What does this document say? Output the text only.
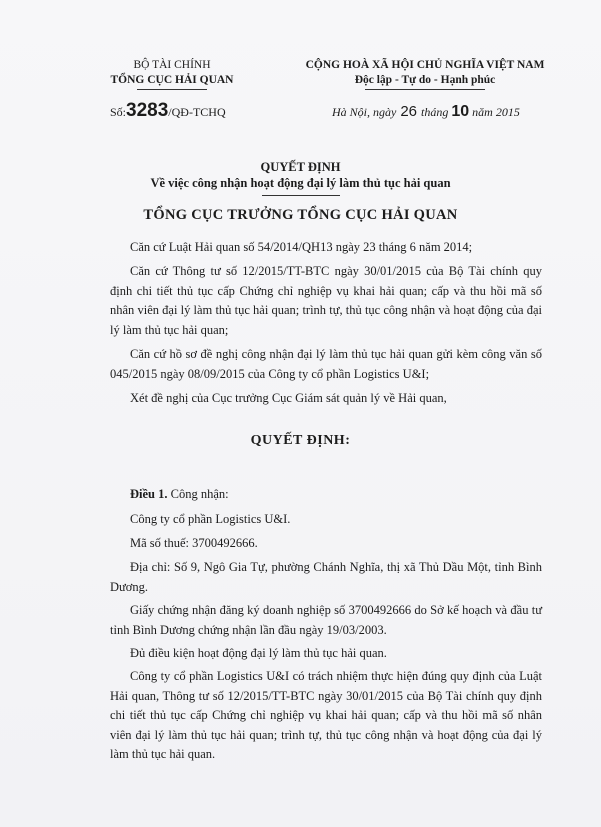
BỘ TÀI CHÍNH
TỔNG CỤC HẢI QUAN
CỘNG HOÀ XÃ HỘI CHỦ NGHĨA VIỆT NAM
Độc lập - Tự do - Hạnh phúc
Số:3283/QĐ-TCHQ	Hà Nội, ngày 26 tháng 10 năm 2015
QUYẾT ĐỊNH
Về việc công nhận hoạt động đại lý làm thủ tục hải quan
TỔNG CỤC TRƯỞNG TỔNG CỤC HẢI QUAN
Căn cứ Luật Hải quan số 54/2014/QH13 ngày 23 tháng 6 năm 2014;
Căn cứ Thông tư số 12/2015/TT-BTC ngày 30/01/2015 của Bộ Tài chính quy định chi tiết thủ tục cấp Chứng chỉ nghiệp vụ khai hải quan; cấp và thu hồi mã số nhân viên đại lý làm thủ tục hải quan; trình tự, thủ tục công nhận và hoạt động của đại lý làm thủ tục hải quan;
Căn cứ hồ sơ đề nghị công nhận đại lý làm thủ tục hải quan gửi kèm công văn số 045/2015 ngày 08/09/2015 của Công ty cổ phần Logistics U&I;
Xét đề nghị của Cục trưởng Cục Giám sát quản lý về Hải quan,
QUYẾT ĐỊNH:
Điều 1. Công nhận:
Công ty cổ phần Logistics U&I.
Mã số thuế: 3700492666.
Địa chỉ: Số 9, Ngô Gia Tự, phường Chánh Nghĩa, thị xã Thủ Dầu Một, tỉnh Bình Dương.
Giấy chứng nhận đăng ký doanh nghiệp số 3700492666 do Sở kế hoạch và đầu tư tỉnh Bình Dương chứng nhận lần đầu ngày 19/03/2003.
Đủ điều kiện hoạt động đại lý làm thủ tục hải quan.
Công ty cổ phần Logistics U&I có trách nhiệm thực hiện đúng quy định của Luật Hải quan, Thông tư số 12/2015/TT-BTC ngày 30/01/2015 của Bộ Tài chính quy định chi tiết thủ tục cấp Chứng chỉ nghiệp vụ khai hải quan; cấp và thu hồi mã số nhân viên đại lý làm thủ tục hải quan; trình tự, thủ tục công nhận và hoạt động của đại lý làm thủ tục hải quan.
